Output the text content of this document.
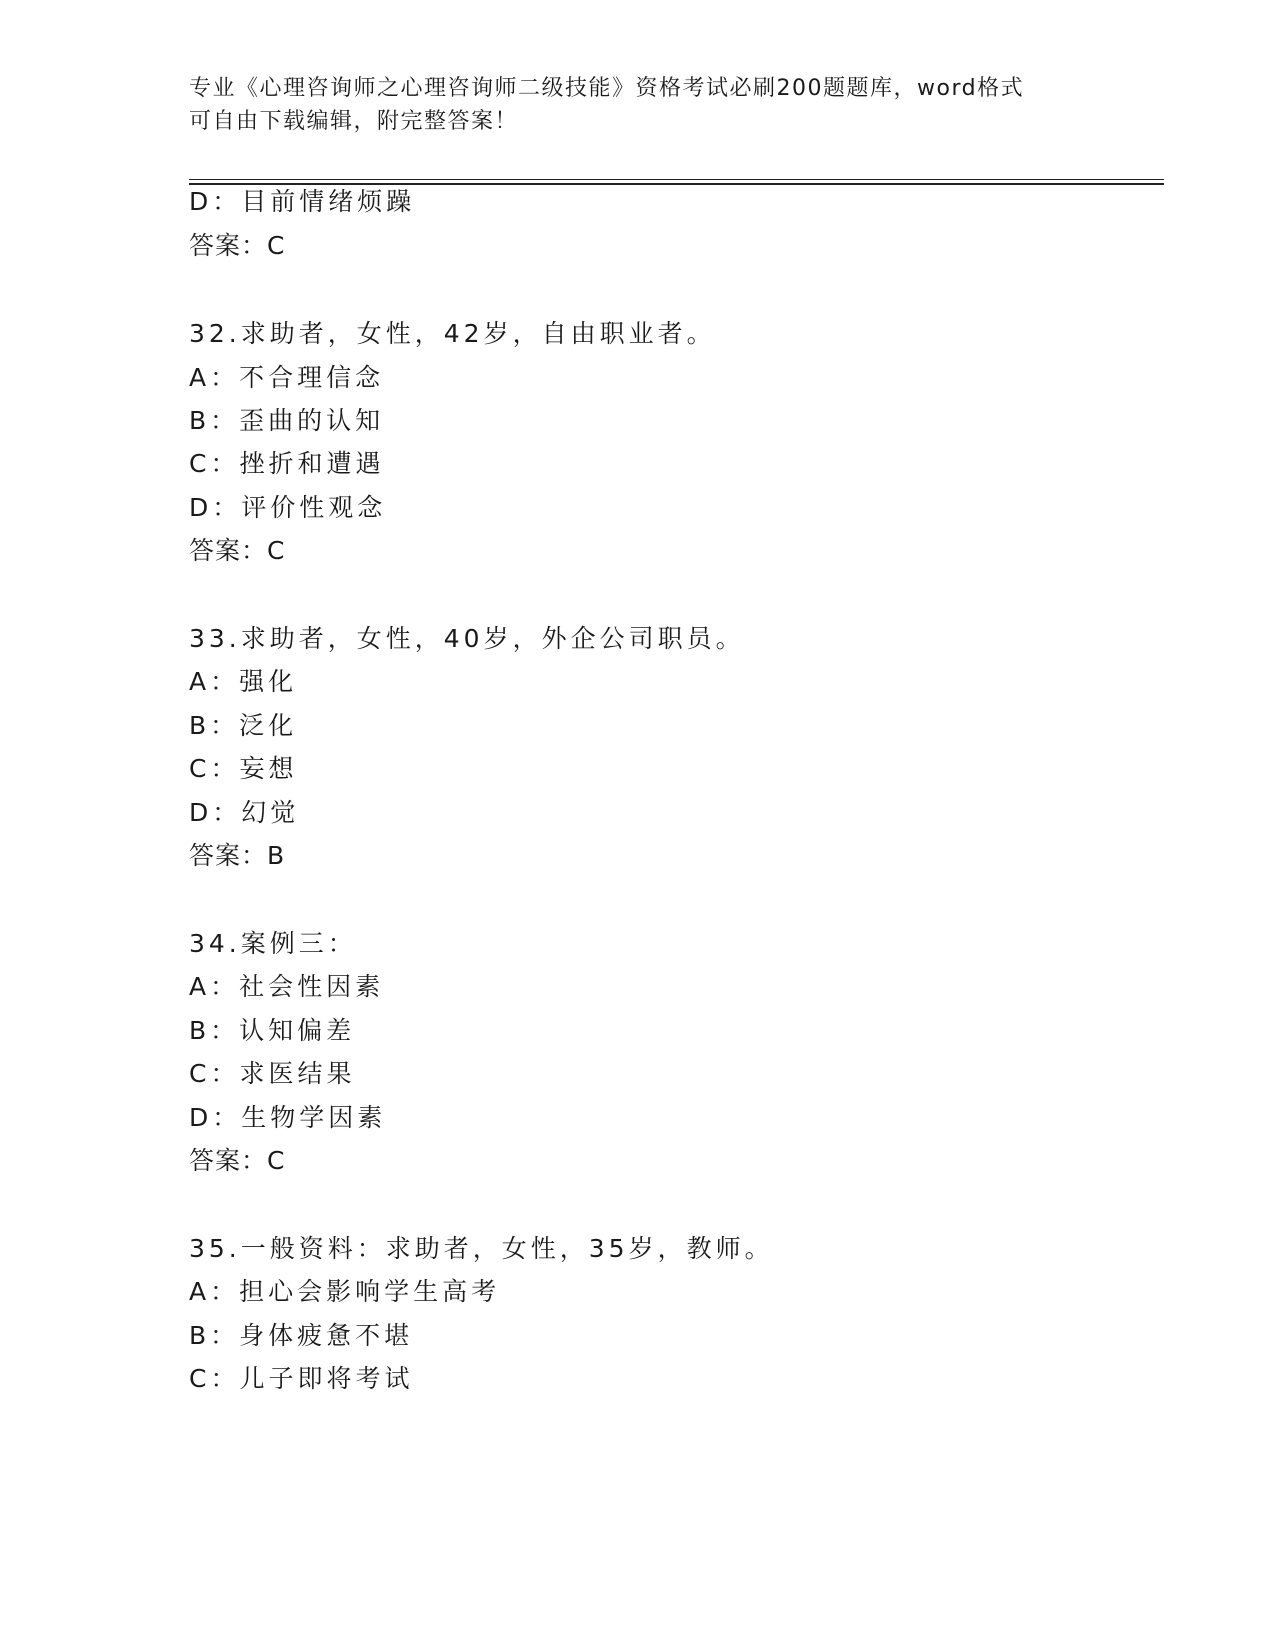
专业《心理咨询师之心理咨询师二级技能》资格考试必刷200题题库，word格式
可自由下载编辑，附完整答案！
D：目前情绪烦躁
答案：C
32.求助者，女性，42岁，自由职业者。
A：不合理信念
B：歪曲的认知
C：挫折和遭遇
D：评价性观念
答案：C
33.求助者，女性，40岁，外企公司职员。
A：强化
B：泛化
C：妄想
D：幻觉
答案：B
34.案例三：
A：社会性因素
B：认知偏差
C：求医结果
D：生物学因素
答案：C
35.一般资料：求助者，女性，35岁，教师。
A：担心会影响学生高考
B：身体疲惫不堪
C：儿子即将考试
